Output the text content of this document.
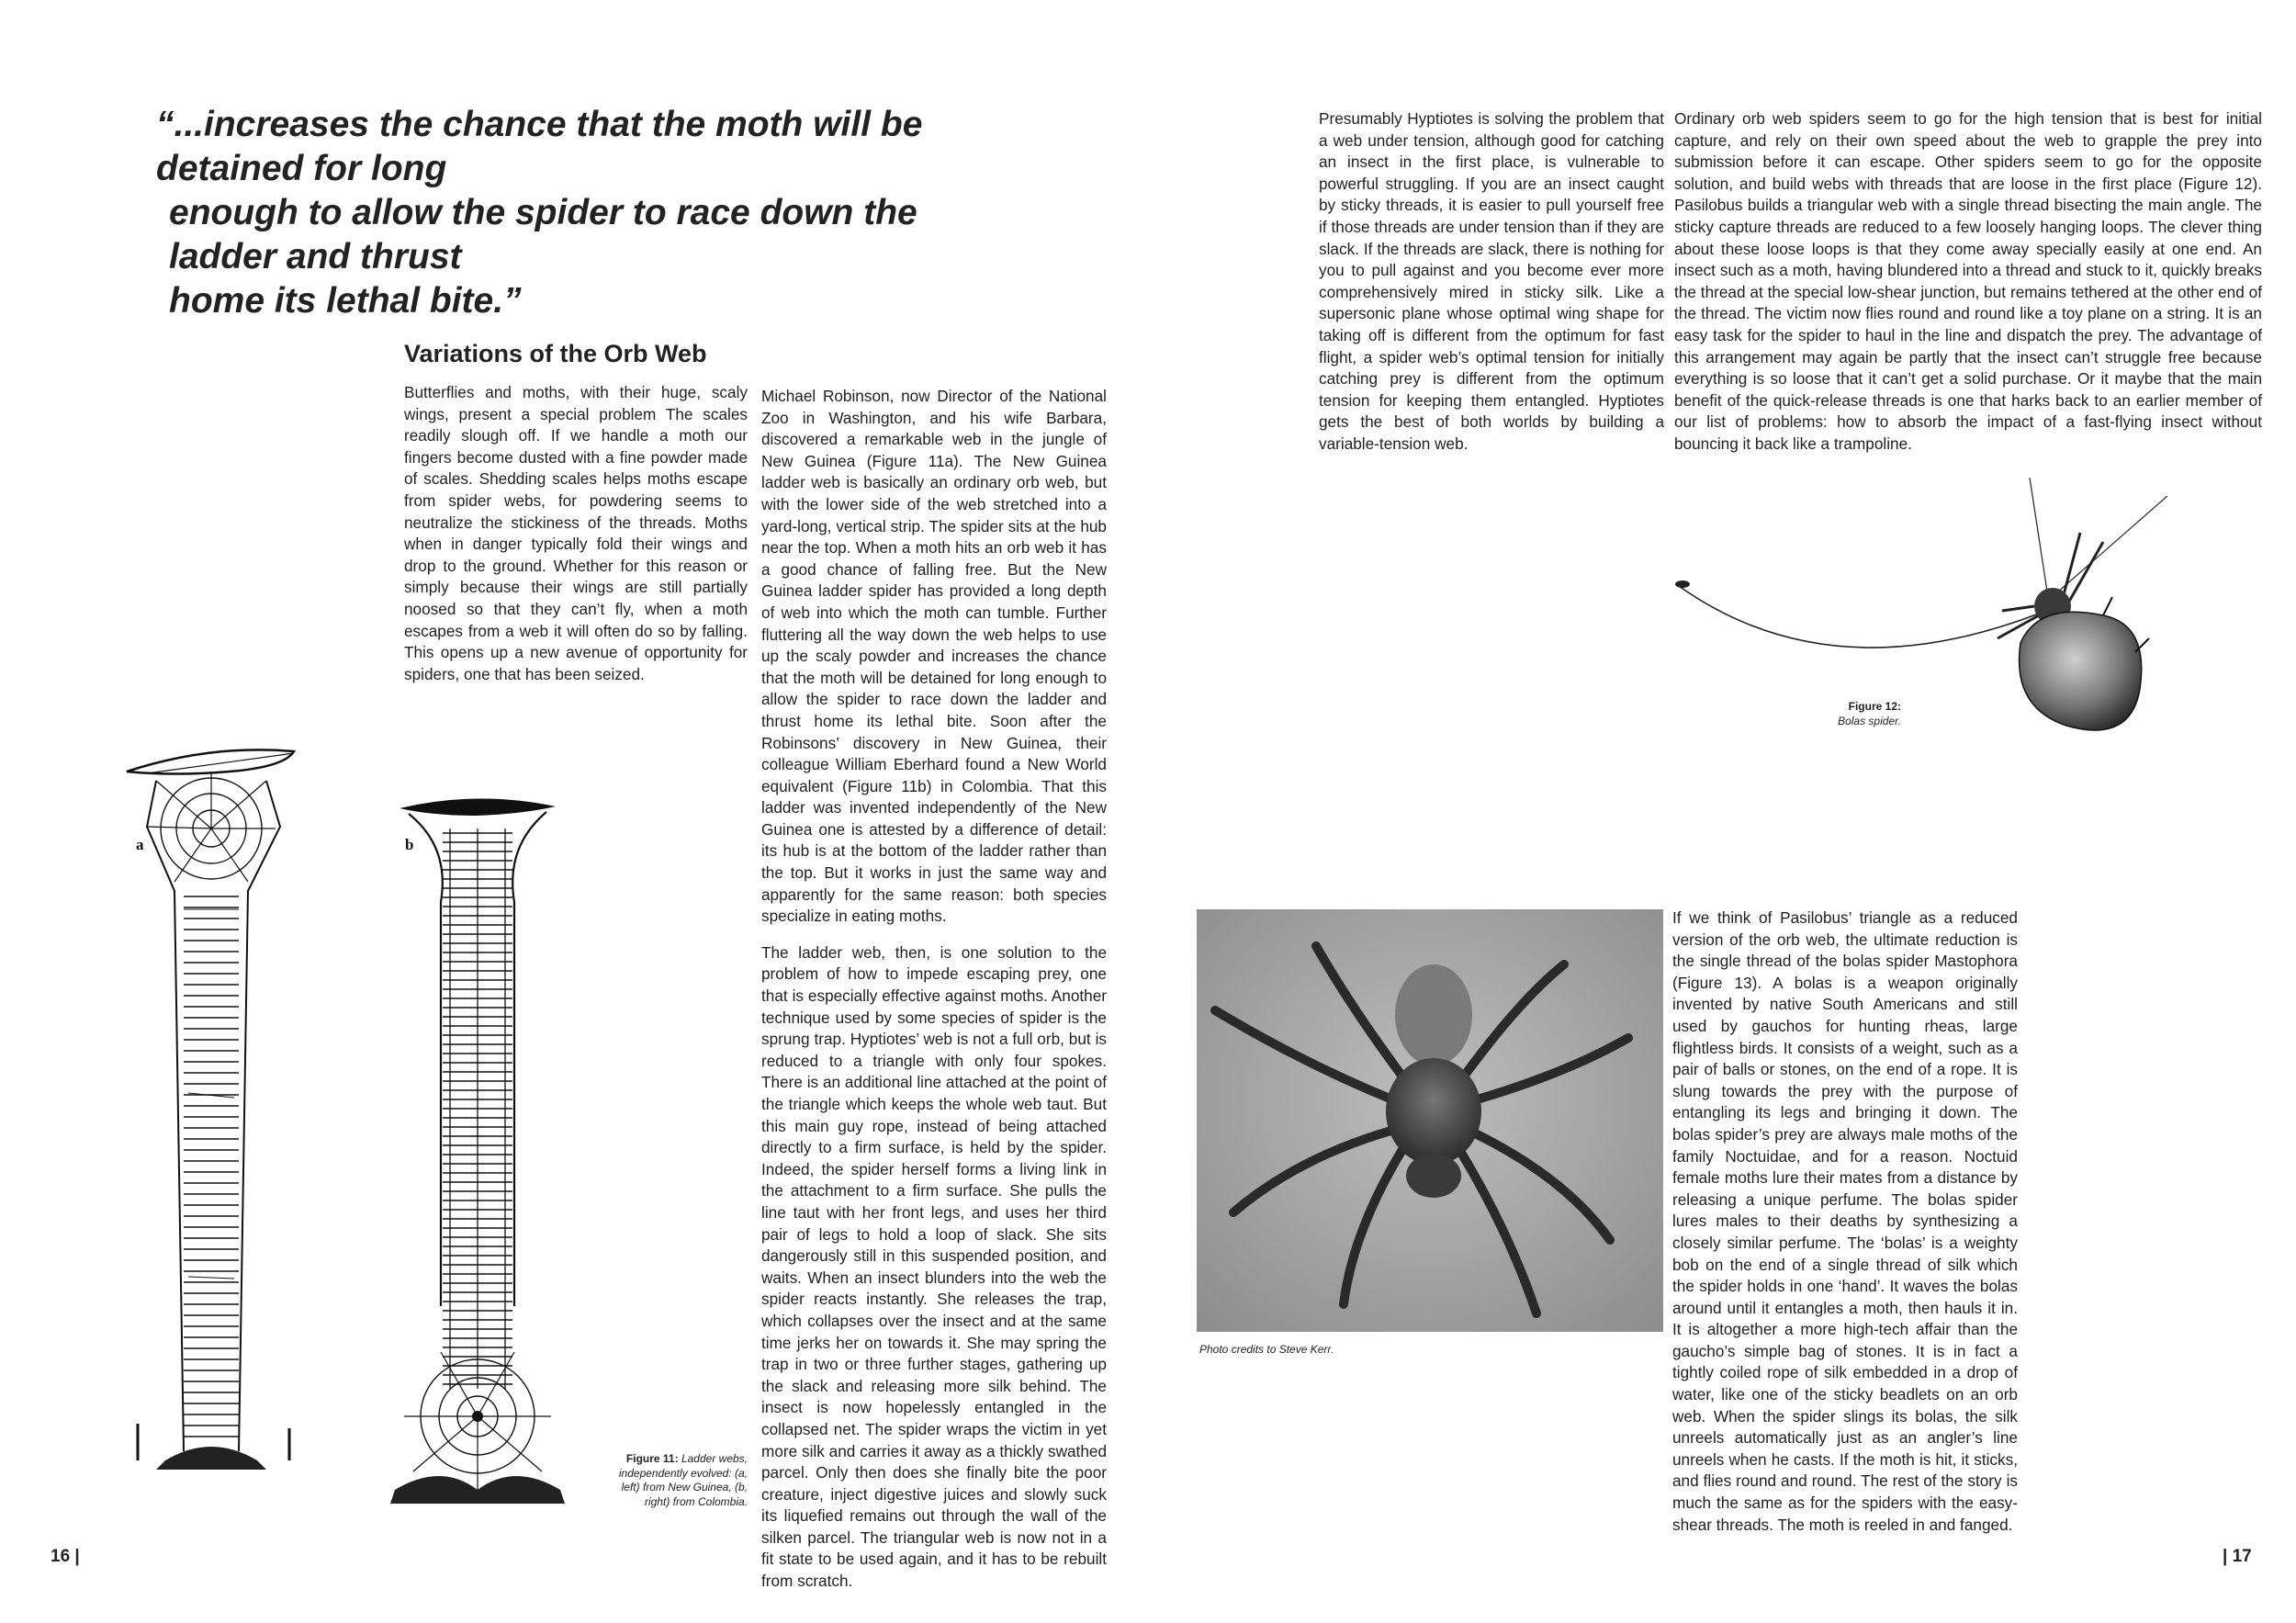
“...increases the chance that the moth will be detained for long
enough to allow the spider to race down the ladder and thrust
home its lethal bite.”
Variations of the Orb Web

Butterflies and moths, with their huge, scaly wings, present a special problem The scales readily slough off. If we handle a moth our fingers become dusted with a fine powder made of scales. Shedding scales helps moths escape from spider webs, for powdering seems to neutralize the stickiness of the threads. Moths when in danger typically fold their wings and drop to the ground. Whether for this reason or simply because their wings are still partially noosed so that they can’t fly, when a moth escapes from a web it will often do so by falling. This opens up a new avenue of opportunity for spiders, one that has been seized.

Michael Robinson, now Director of the National Zoo in Washington, and his wife Barbara, discovered a remarkable web in the jungle of New Guinea (Figure 11a). The New Guinea ladder web is basically an ordinary orb web, but with the lower side of the web stretched into a yard-long, vertical strip. The spider sits at the hub near the top. When a moth hits an orb web it has a good chance of falling free. But the New Guinea ladder spider has provided a long depth of web into which the moth can tumble. Further fluttering all the way down the web helps to use up the scaly powder and increases the chance that the moth will be detained for long enough to allow the spider to race down the ladder and thrust home its lethal bite. Soon after the Robinsons’ discovery in New Guinea, their colleague William Eberhard found a New World equivalent (Figure 11b) in Colombia. That this ladder was invented independently of the New Guinea one is attested by a difference of detail: its hub is at the bottom of the ladder rather than the top. But it works in just the same way and apparently for the same reason: both species specialize in eating moths.

The ladder web, then, is one solution to the problem of how to impede escaping prey, one that is especially effective against moths. Another technique used by some species of spider is the sprung trap. Hyptiotes’ web is not a full orb, but is reduced to a triangle with only four spokes. There is an additional line attached at the point of the triangle which keeps the whole web taut. But this main guy rope, instead of being attached directly to a firm surface, is held by the spider. Indeed, the spider herself forms a living link in the attachment to a firm surface. She pulls the line taut with her front legs, and uses her third pair of legs to hold a loop of slack. She sits dangerously still in this suspended position, and waits. When an insect blunders into the web the spider reacts instantly. She releases the trap, which collapses over the insect and at the same time jerks her on towards it. She may spring the trap in two or three further stages, gathering up the slack and releasing more silk behind. The insect is now hopelessly entangled in the collapsed net. The spider wraps the victim in yet more silk and carries it away as a thickly swathed parcel. Only then does she finally bite the poor creature, inject digestive juices and slowly suck its liquefied remains out through the wall of the silken parcel. The triangular web is now not in a fit state to be used again, and it has to be rebuilt from scratch.

a	b

Figure 11: Ladder webs, independently evolved: (a, left) from New Guinea, (b, right) from Colombia.

16 |	| 17

Presumably Hyptiotes is solving the problem that a web under tension, although good for catching an insect in the first place, is vulnerable to powerful struggling. If you are an insect caught by sticky threads, it is easier to pull yourself free if those threads are under tension than if they are slack. If the threads are slack, there is nothing for you to pull against and you become ever more comprehensively mired in sticky silk. Like a supersonic plane whose optimal wing shape for taking off is different from the optimum for fast flight, a spider web’s optimal tension for initially catching prey is different from the optimum tension for keeping them entangled. Hyptiotes gets the best of both worlds by building a variable-tension web.

Ordinary orb web spiders seem to go for the high tension that is best for initial capture, and rely on their own speed about the web to grapple the prey into submission before it can escape. Other spiders seem to go for the opposite solution, and build webs with threads that are loose in the first place (Figure 12). Pasilobus builds a triangular web with a single thread bisecting the main angle. The sticky capture threads are reduced to a few loosely hanging loops. The clever thing about these loose loops is that they come away specially easily at one end. An insect such as a moth, having blundered into a thread and stuck to it, quickly breaks the thread at the special low-shear junction, but remains tethered at the other end of the thread. The victim now flies round and round like a toy plane on a string. It is an easy task for the spider to haul in the line and dispatch the prey. The advantage of this arrangement may again be partly that the insect can’t struggle free because everything is so loose that it can’t get a solid purchase. Or it maybe that the main benefit of the quick-release threads is one that harks back to an earlier member of our list of problems: how to absorb the impact of a fast-flying insect without bouncing it back like a trampoline.

Figure 12:
Bolas spider.

Photo credits to Steve Kerr.

If we think of Pasilobus’ triangle as a reduced version of the orb web, the ultimate reduction is the single thread of the bolas spider Mastophora (Figure 13). A bolas is a weapon originally invented by native South Americans and still used by gauchos for hunting rheas, large flightless birds. It consists of a weight, such as a pair of balls or stones, on the end of a rope. It is slung towards the prey with the purpose of entangling its legs and bringing it down. The bolas spider’s prey are always male moths of the family Noctuidae, and for a reason. Noctuid female moths lure their mates from a distance by releasing a unique perfume. The bolas spider lures males to their deaths by synthesizing a closely similar perfume. The ‘bolas’ is a weighty bob on the end of a single thread of silk which the spider holds in one ‘hand’. It waves the bolas around until it entangles a moth, then hauls it in. It is altogether a more high-tech affair than the gaucho’s simple bag of stones. It is in fact a tightly coiled rope of silk embedded in a drop of water, like one of the sticky beadlets on an orb web. When the spider slings its bolas, the silk unreels automatically just as an angler’s line unreels when he casts. If the moth is hit, it sticks, and flies round and round. The rest of the story is much the same as for the spiders with the easy-shear threads. The moth is reeled in and fanged.
